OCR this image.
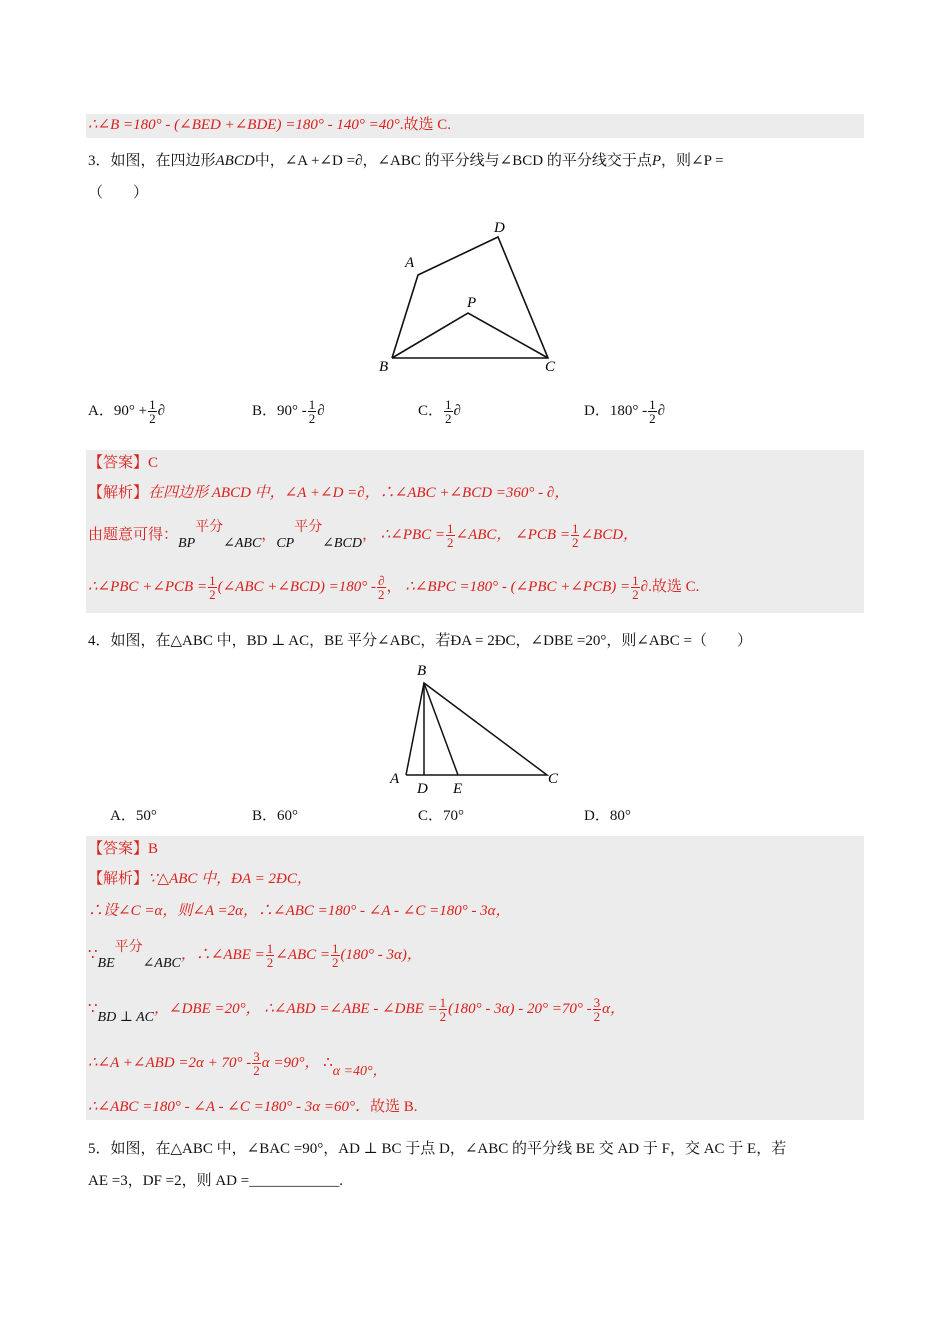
∴∠B =180° - (∠BED +∠BDE) =180° - 140° =40°.故选 C.
3．如图，在四边形ABCD中，∠A +∠D =∂，∠ABC 的平分线与∠BCD 的平分线交于点P，则∠P =
（　　）
A
D
P
B	C
A．$90^\circ + \frac{1}{2}$ ∂	B．$90^\circ - \frac{1}{2}$ ∂	C． $\frac{1}{2}$ ∂	D．$180^\circ - \frac{1}{2}$ ∂
【答案】C
【解析】在四边形 ABCD 中，∠A +∠D =∂，∴∠ABC +∠BCD =360° - ∂，
由题意可得：BP平分∠ABC，CP平分∠BCD， ∴∠PBC = $\frac{1}{2}$ ∠ABC， ∠PCB = $\frac{1}{2}$ ∠BCD，
∴∠PBC +∠PCB = $\frac{1}{2}$ (∠ABC +∠BCD) $=180^\circ - \frac{\partial}{2}$ ， ∴∠BPC =180° - (∠PBC +∠PCB) = $\frac{1}{2}$ ∂.故选 C.
4．如图，在△ABC 中，BD ⊥ AC，BE 平分∠ABC，若ÐA = 2ÐC，∠DBE =20°，则∠ABC =（　　）
B
A
D E
C
A．50°	B．60°	C．70°	D．80°
【答案】B
【解析】∵△ABC 中，ÐA = 2ÐC，
∴设∠C =α，则∠A =2α，∴∠ABC =180° - ∠A - ∠C =180° - 3α，
∵BE平分∠ABC，∴∠ABE = $\frac{1}{2}$ ∠ABC = $\frac{1}{2} (180^\circ - 3\alpha)$，
∵BD ⊥ AC，∠DBE =20°， ∴∠ABD =∠ABE - ∠DBE = $\frac{1}{2} (180^\circ - 3\alpha) - 20^\circ =70^\circ - \frac{3}{2}$ α，
∴∠A +∠ABD $=2\alpha + 70^\circ - \frac{3}{2}$ α =90°， ∴α =40°，
∴∠ABC =180° - ∠A - ∠C =180° - 3α =60°．故选 B.
5．如图，在△ABC 中，∠BAC =90°，AD ⊥ BC 于点 D，∠ABC 的平分线 BE 交 AD 于 F，交 AC 于 E，若
AE =3，DF =2，则 AD =____________.
